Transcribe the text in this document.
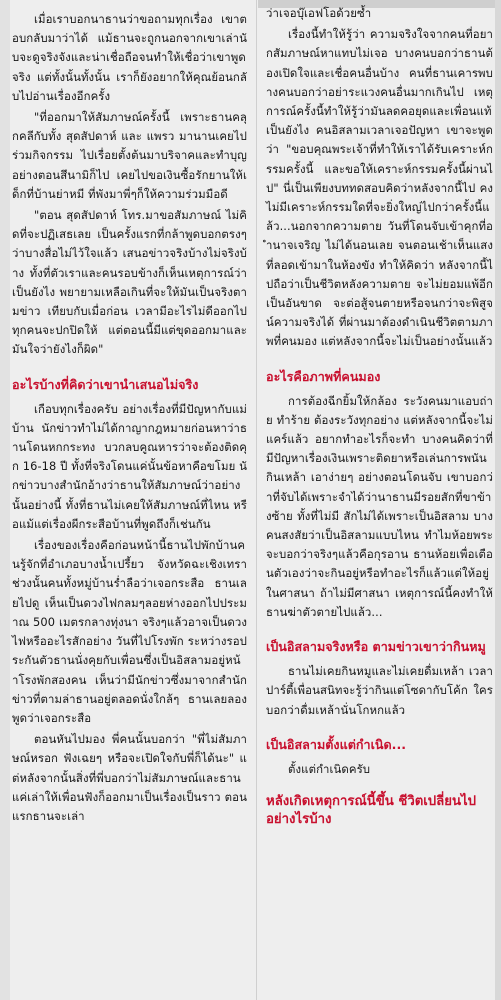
เมื่อเราบอกนาธานว่าขอถามทุกเรื่อง เขาตอบกลับมาว่าได้ แม้ธานจะถูกนอกจากเขาเล่านับจะดูจริงจังและน่าเชื่อถือจนทำให้เชื่อว่าเขาพูดจริง แต่ทั้งนั้นทั้งนั้น เราก็ยังอยากให้คุณย้อนกลับไปอ่านเรื่องอีกครั้ง

"ที่ออกมาให้สัมภาษณ์ครั้งนี้ เพราะธานคลุกคลีกับทั้ง สุดสัปดาห์ และ แพรว มานานเคยไปร่วมกิจกรรม ไปเรื่อยตั้งต้นมาบริจาคและทำบุญ อย่างตอนสึนามิก็ไป เคยไปขอเงินซื้อรักยานให้เด็กที่บ้านย่าหมี ที่พังมาพี่ๆก็ให้ความร่วมมือดี

"ตอน สุดสัปดาห์ โทร.มาขอสัมภาษณ์ ไม่คิดที่จะปฏิเสธเลย เป็นครั้งแรกที่กล้าพูดบอกตรงๆว่าบางสื่อไม่ไว้ใจแล้ว เสนอข่าวจริงบ้างไม่จริงบ้าง ทั้งที่ตัวเราและคนรอบข้างก็เห็นเหตุการณ์ว่าเป็นยังไง พยายามเหลือเกินที่จะให้มันเป็นจริงตามข่าว เทียบกับเมื่อก่อน เวลามีอะไรไม่ดีออกไป ทุกคนจะปกปิดให้ แต่ตอนนี้มีแต่ขุดออกมาและมันใจว่ายังไงก็ผิด"

อะไรบ้างที่คิดว่าเขานำเสนอไม่จริง

เกือบทุกเรื่องครับ อย่างเรื่องที่มีปัญหากับแม่บ้าน นักข่าวทำไม่ได้กาญากฎหมายก่อนหาว่าธานโดนหกกระทง บวกลบคูณหารว่าจะต้องติดคุก 16-18 ปี ทั้งที่จริงโดนแค่นั้นข้อหาคือขโมย นักข่าวบางสำนักอ้างว่าธานให้สัมภาษณ์ว่าอย่างนั้นอย่างนี้ ทั้งที่ธานไม่เคยให้สัมภาษณ์ที่ไหน หรือแม้แต่เรื่องผีกระสือบ้านที่พูดถึงก็เช่นกัน

เรื่องของเรื่องคือก่อนหน้านี้ธานไปพักบ้านคนรู้จักที่อำเภอบางน้ำเปรี้ยว จังหวัดฉะเชิงเทรา ช่วงนั้นคนทั้งหมู่บ้านร่ำลือว่าเจอกระสือ ธานเลยไปดู เห็นเป็นดวงไฟกลมๆลอยห่างออกไปประมาณ 500 เมตรกลางทุ่งนา จริงๆแล้วอาจเป็นดวงไฟหรืออะไรสักอย่าง วันที่ไปโรงพัก ระหว่างรอประกันตัวธานนั่งคุยกับเพื่อนซึ่งเป็นอิสลามอยู่หน้าโรงพักสองคน เห็นว่ามีนักข่าวซึ่งมาจากสำนักข่าวที่ตามล่าธานอยู่ตลอดนั่งใกล้ๆ ธานเลยลองพูดว่าเจอกระสือ

ตอนหันไปมอง พี่คนนั้นบอกว่า "พี่ไม่สัมภาษณ์หรอก ฟังเฉยๆ หรือจะเปิดใจกับพี่ก็ได้นะ" แต่หลังจากนั้นสิ่งที่พี่บอกว่าไม่สัมภาษณ์และธานแค่เล่าให้เพื่อนฟังก็ออกมาเป็นเรื่องเป็นราว ตอนแรกธานจะเล่า

ว่าเจอบุ๊เอฟโอด้วยซ้ำ

เรื่องนี้ทำให้รู้ว่า ความจริงใจจากคนที่อยากสัมภาษณ์หาแทบไม่เจอ บางคนบอกว่าธานต้องเปิดใจและเชื่อคนอื่นบ้าง คนที่ธานเคารพบางคนบอกว่าอย่าระแวงคนอื่นมากเกินไป เหตุการณ์ครั้งนี้ทำให้รู้ว่ามันลดคอยุดและเพื่อนแท้เป็นยังไง คนอิสลามเวลาเจอปัญหา เขาจะพูดว่า "ขอบคุณพระเจ้าที่ทำให้เราได้รับเคราะห์กรรมครั้งนี้ และขอให้เคราะห์กรรมครั้งนี้ผ่านไป" นี่เป็นเพียงบททดสอบคิดว่าหลังจากนี้ไป คงไม่มีเคราะห์กรรมใดที่จะยิ่งใหญ่ไปกว่าครั้งนี้แล้ว...นอกจากความตาย วันที่โดนจับเข้าคุกที่อำนาจเจริญ ไม่ได้นอนเลย จนตอนเช้าเห็นแสงที่ลอดเข้ามาในห้องขัง ทำให้คิดว่า หลังจากนี้ไปถือว่าเป็นชีวิตหลังความตาย จะไม่ยอมแพ้อีกเป็นอันขาด จะต่อสู้จนตายหรือจนกว่าจะพิสูจน์ความจริงได้ ที่ผ่านมาต้องดำเนินชีวิตตามภาพที่คนมอง แต่หลังจากนี้จะไม่เป็นอย่างนั้นแล้ว

อะไรคือภาพที่คนมอง

การต้องฉีกยิ้มให้กล้อง ระวังคนมาแอบถ่าย ทำร้าย ต้องระวังทุกอย่าง แต่หลังจากนี้จะไม่แคร์แล้ว อยากทำอะไรก็จะทำ บางคนคิดว่าที่มีปัญหาเรื่องเงินเพราะติดยาหรือเล่นการพนัน กินเหล้า เอาง่ายๆ อย่างตอนโดนจับ เขาบอกว่าที่จับได้เพราะจำได้ว่านาธานมีรอยสักที่ขาข้างซ้าย ทั้งที่ไม่มี สักไม่ได้เพราะเป็นอิสลาม บางคนสงสัยว่าเป็นอิสลามแบบไหน ทำไมห้อยพระ จะบอกว่าจริงๆแล้วคือกุรอาน ธานห้อยเพื่อเตือนตัวเองว่าจะกินอยู่หรือทำอะไรก็แล้วแต่ให้อยู่ในศาสนา ถ้าไม่มีศาสนา เหตุการณ์นี้คงทำให้ธานฆ่าตัวตายไปแล้ว...

เป็นอิสลามจริงหรือ ตามข่าวเขาว่ากินหมู

ธานไม่เคยกินหมูและไม่เคยดื่มเหล้า เวลาปาร์ตี้เพื่อนสนิทจะรู้ว่ากินแต่โซดากับโค้ก ใครบอกว่าดื่มเหล้านั่นโกหกแล้ว

เป็นอิสลามตั้งแต่กำเนิด...

ตั้งแต่กำเนิดครับ

หลังเกิดเหตุการณ์นี้ขึ้น ชีวิตเปลี่ยนไปอย่างไรบ้าง
